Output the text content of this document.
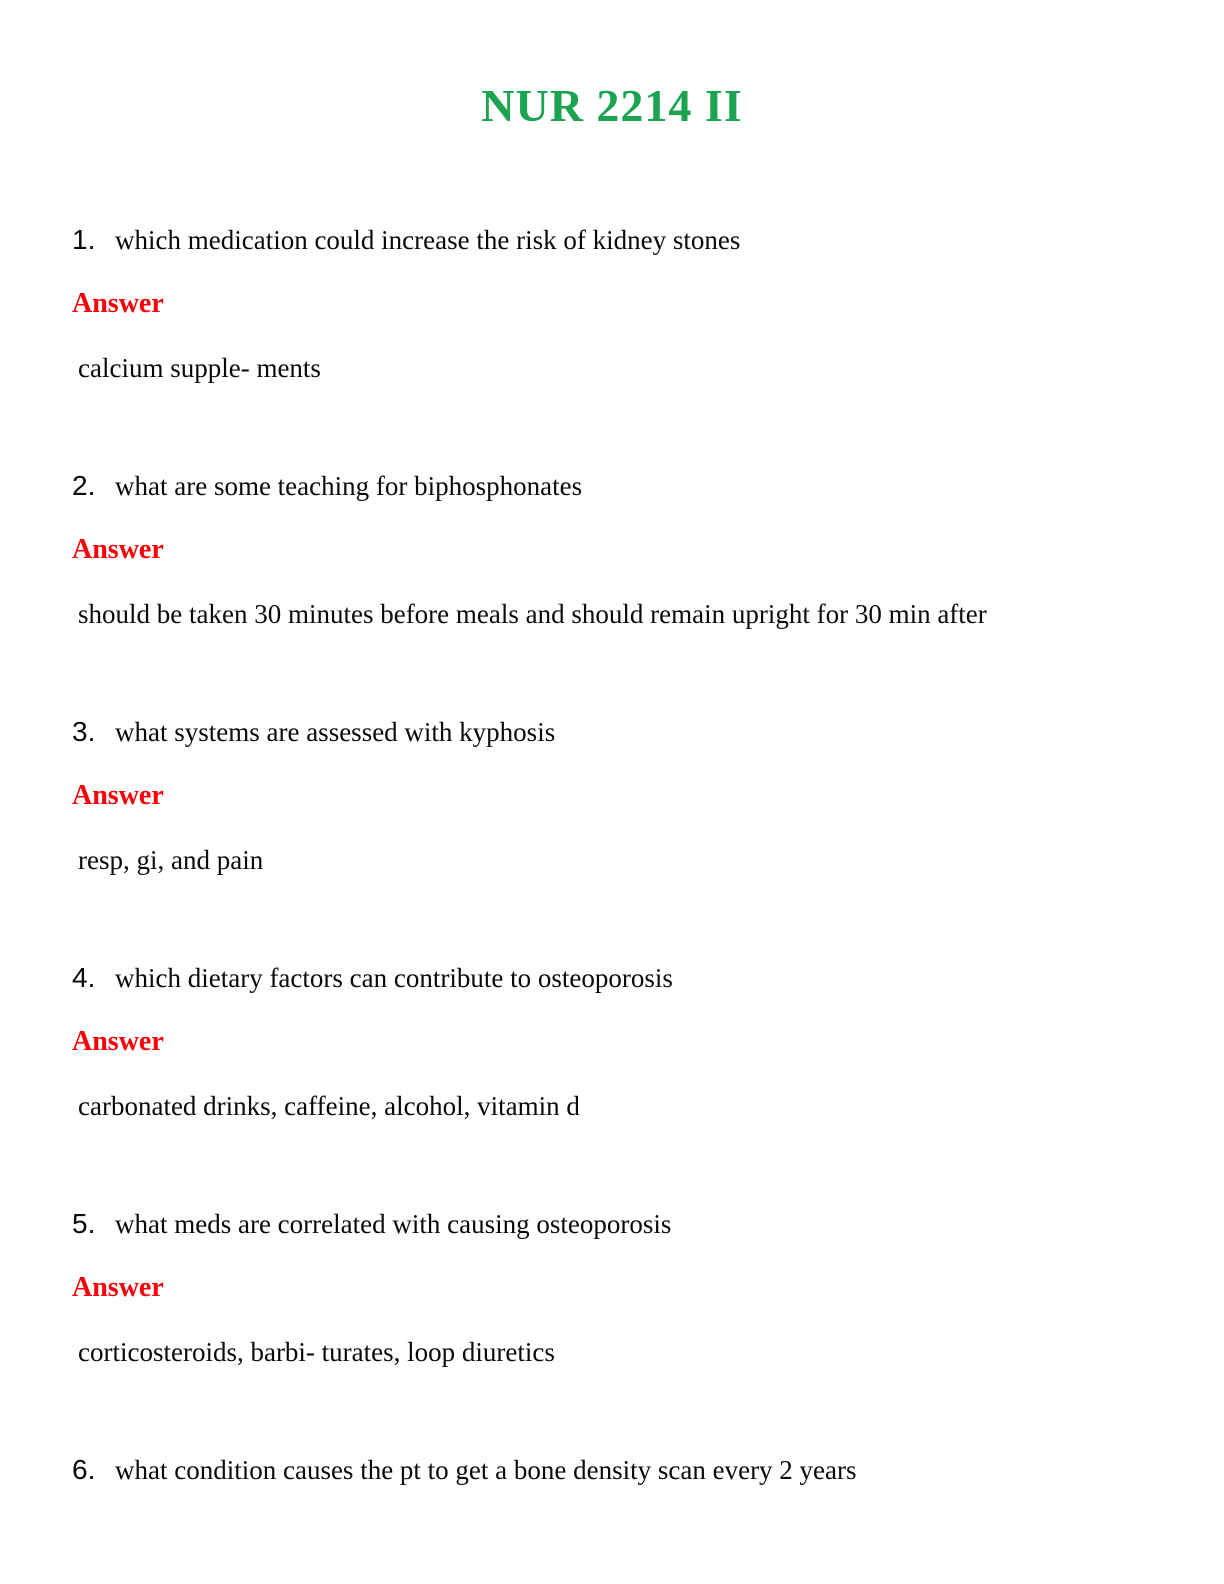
NUR 2214 II
1. which medication could increase the risk of kidney stones
Answer
calcium supple- ments
2. what are some teaching for biphosphonates
Answer
should be taken 30 minutes before meals and should remain upright for 30 min after
3. what systems are assessed with kyphosis
Answer
resp, gi, and pain
4. which dietary factors can contribute to osteoporosis
Answer
carbonated drinks, caffeine, alcohol, vitamin d
5. what meds are correlated with causing osteoporosis
Answer
corticosteroids, barbi- turates, loop diuretics
6. what condition causes the pt to get a bone density scan every 2 years
